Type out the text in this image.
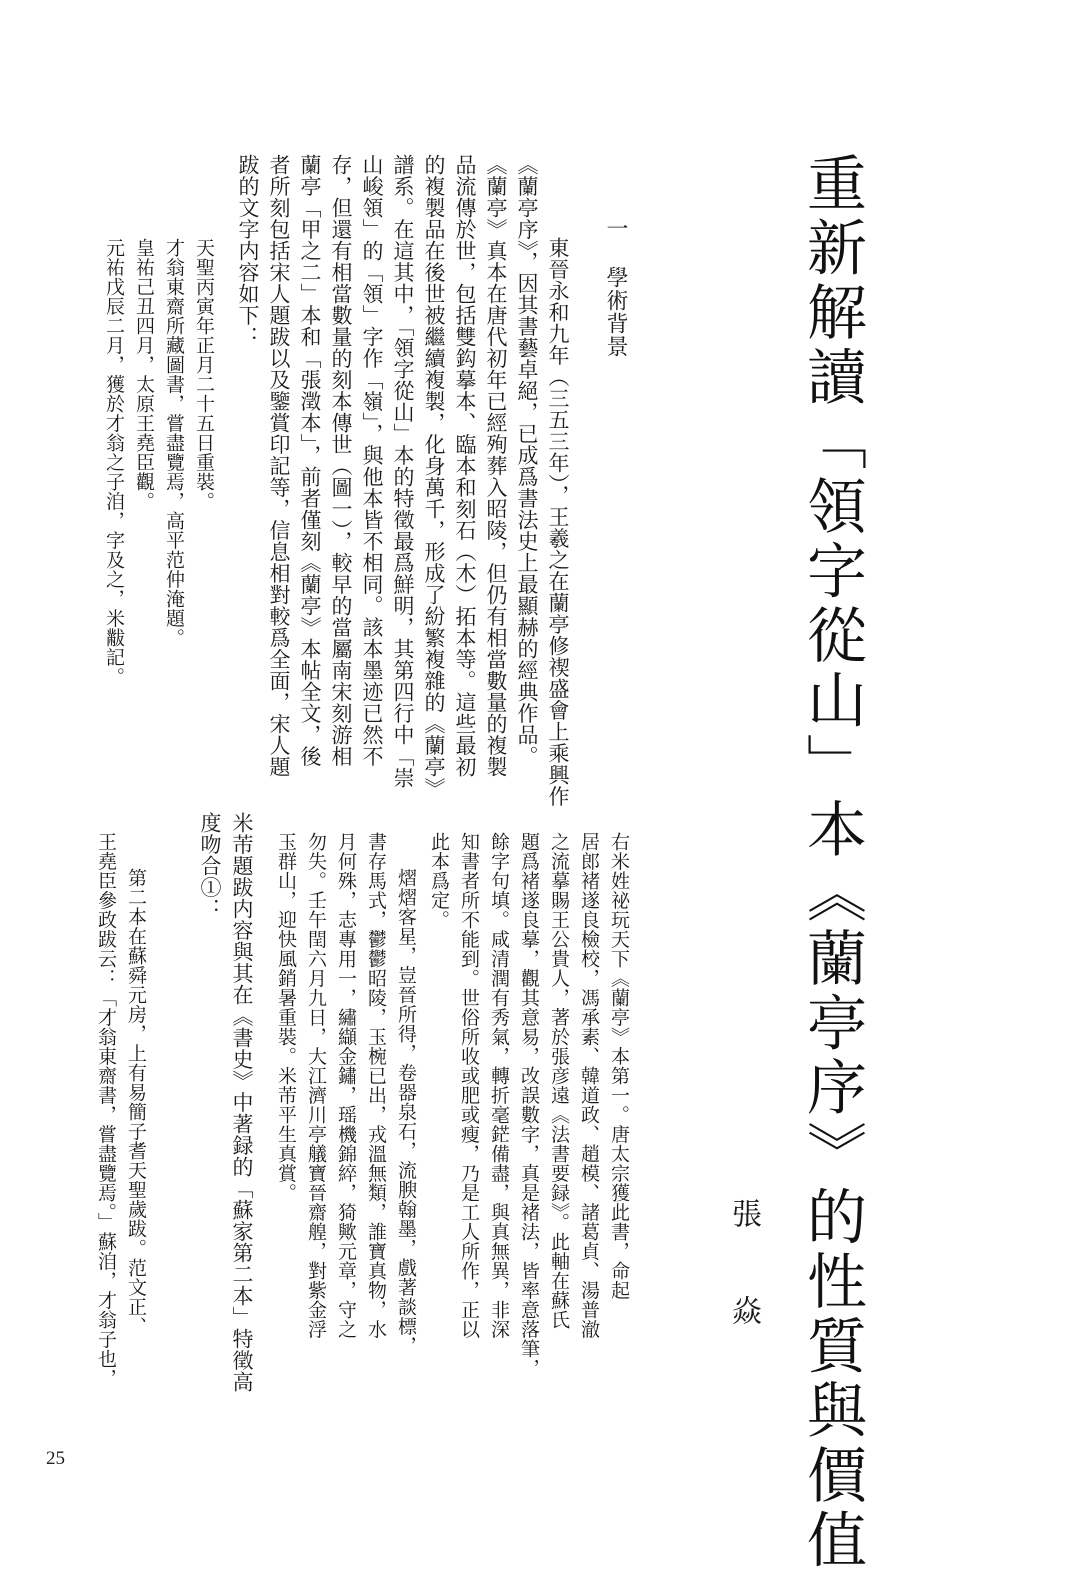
重新解讀「領字從山」本《蘭亭序》的性質與價值
張 焱
一 學術背景
東晉永和九年（三五三年），王羲之在蘭亭修禊盛會上乘興作
《蘭亭序》，因其書藝卓絕，已成爲書法史上最顯赫的經典作品。
《蘭亭》真本在唐代初年已經殉葬入昭陵，但仍有相當數量的複製
品流傳於世，包括雙鈎摹本、臨本和刻石（木）拓本等。這些最初
的複製品在後世被繼續複製，化身萬千，形成了紛繁複雜的《蘭亭》
譜系。在這其中，「領字從山」本的特徵最爲鮮明，其第四行中「崇
山峻領」的「領」字作「嶺」，與他本皆不相同。該本墨迹已然不
存，但還有相當數量的刻本傳世（圖一），較早的當屬南宋刻游相
蘭亭「甲之二」本和「張澂本」，前者僅刻《蘭亭》本帖全文，後
者所刻包括宋人題跋以及鑒賞印記等，信息相對較爲全面，宋人題
跋的文字内容如下：
天聖丙寅年正月二十五日重裝。
才翁東齋所藏圖書，嘗盡覽焉，高平范仲淹題。
皇祐己丑四月，太原王堯臣觀。
元祐戊辰二月，獲於才翁之子洎，字及之，米黻記。
右米姓祕玩天下《蘭亭》本第一。唐太宗獲此書，命起
居郎褚遂良檢校，馮承素、韓道政、趙模、諸葛貞、湯普澈
之流摹賜王公貴人，著於張彦遠《法書要録》。此軸在蘇氏
題爲褚遂良摹，觀其意易，改誤數字，真是褚法，皆率意落筆，
餘字句填。咸清潤有秀氣，轉折毫鋩備盡，與真無異，非深
知書者所不能到。世俗所收或肥或瘦，乃是工人所作，正以
此本爲定。
熠熠客星，豈晉所得，卷器泉石，流腴翰墨，戲著談標，
書存馬式，鬱鬱昭陵，玉椀已出，戎溫無類，誰寶真物，水
月何殊，志專用一，繡纈金鏽，瑶機錦綷，猗歟元章，守之
勿失。壬午閏六月九日，大江濟川亭艤寶晉齋艎，對紫金浮
玉群山，迎快風銷暑重裝。米芾平生真賞。
米芾題跋内容與其在《書史》中著録的「蘇家第二本」特徵高
度吻合①：
第二本在蘇舜元房，上有易簡子耆天聖歲跋。范文正、
王堯臣參政跋云：「才翁東齋書，嘗盡覽焉。」蘇洎，才翁子也，
25
